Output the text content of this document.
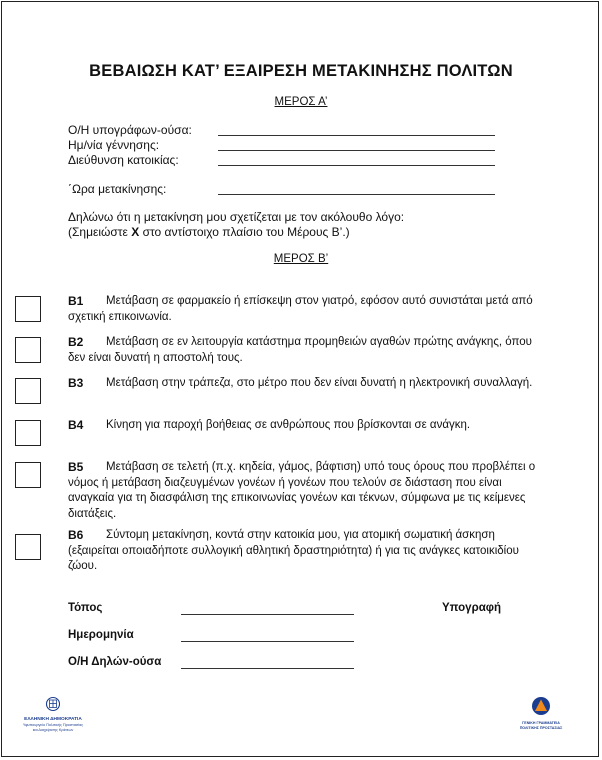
ΒΕΒΑΙΩΣΗ ΚΑΤ’ ΕΞΑΙΡΕΣΗ ΜΕΤΑΚΙΝΗΣΗΣ ΠΟΛΙΤΩΝ
ΜΕΡΟΣ Α’
Ο/Η υπογράφων-ούσα:
Ημ/νία γέννησης:
Διεύθυνση κατοικίας:
΄Ωρα μετακίνησης:
Δηλώνω ότι η μετακίνηση μου σχετίζεται με τον ακόλουθο λόγο:
(Σημειώστε X στο αντίστοιχο πλαίσιο του Μέρους Β’.)
ΜΕΡΟΣ Β’
Β1	Μετάβαση σε φαρμακείο ή επίσκεψη στον γιατρό, εφόσον αυτό συνιστάται μετά από σχετική επικοινωνία.
Β2	Μετάβαση σε εν λειτουργία κατάστημα προμηθειών αγαθών πρώτης ανάγκης, όπου δεν είναι δυνατή η αποστολή τους.
Β3	Μετάβαση στην τράπεζα, στο μέτρο που δεν είναι δυνατή η ηλεκτρονική συναλλαγή.
Β4	Κίνηση για παροχή βοήθειας σε ανθρώπους που βρίσκονται σε ανάγκη.
Β5	Μετάβαση σε τελετή (π.χ. κηδεία, γάμος, βάφτιση) υπό τους όρους που προβλέπει ο νόμος ή μετάβαση διαζευγμένων γονέων ή γονέων που τελούν σε διάσταση που είναι αναγκαία για τη διασφάλιση της επικοινωνίας γονέων και τέκνων, σύμφωνα με τις κείμενες διατάξεις.
Β6	Σύντομη μετακίνηση, κοντά στην κατοικία μου, για ατομική σωματική άσκηση (εξαιρείται οποιαδήποτε συλλογική αθλητική δραστηριότητα) ή για τις ανάγκες κατοικιδίου ζώου.
Τόπος
Ημερομηνία
Ο/Η Δηλών-ούσα
Υπογραφή
ΕΛΛΗΝΙΚΗ ΔΗΜΟΚΡΑΤΙΑ
Υφυπουργείο Πολιτικής Προστασίας
και Διαχείρισης Κρίσεων
ΓΕΝΙΚΗ ΓΡΑΜΜΑΤΕΙΑ
ΠΟΛΙΤΙΚΗΣ ΠΡΟΣΤΑΣΙΑΣ
